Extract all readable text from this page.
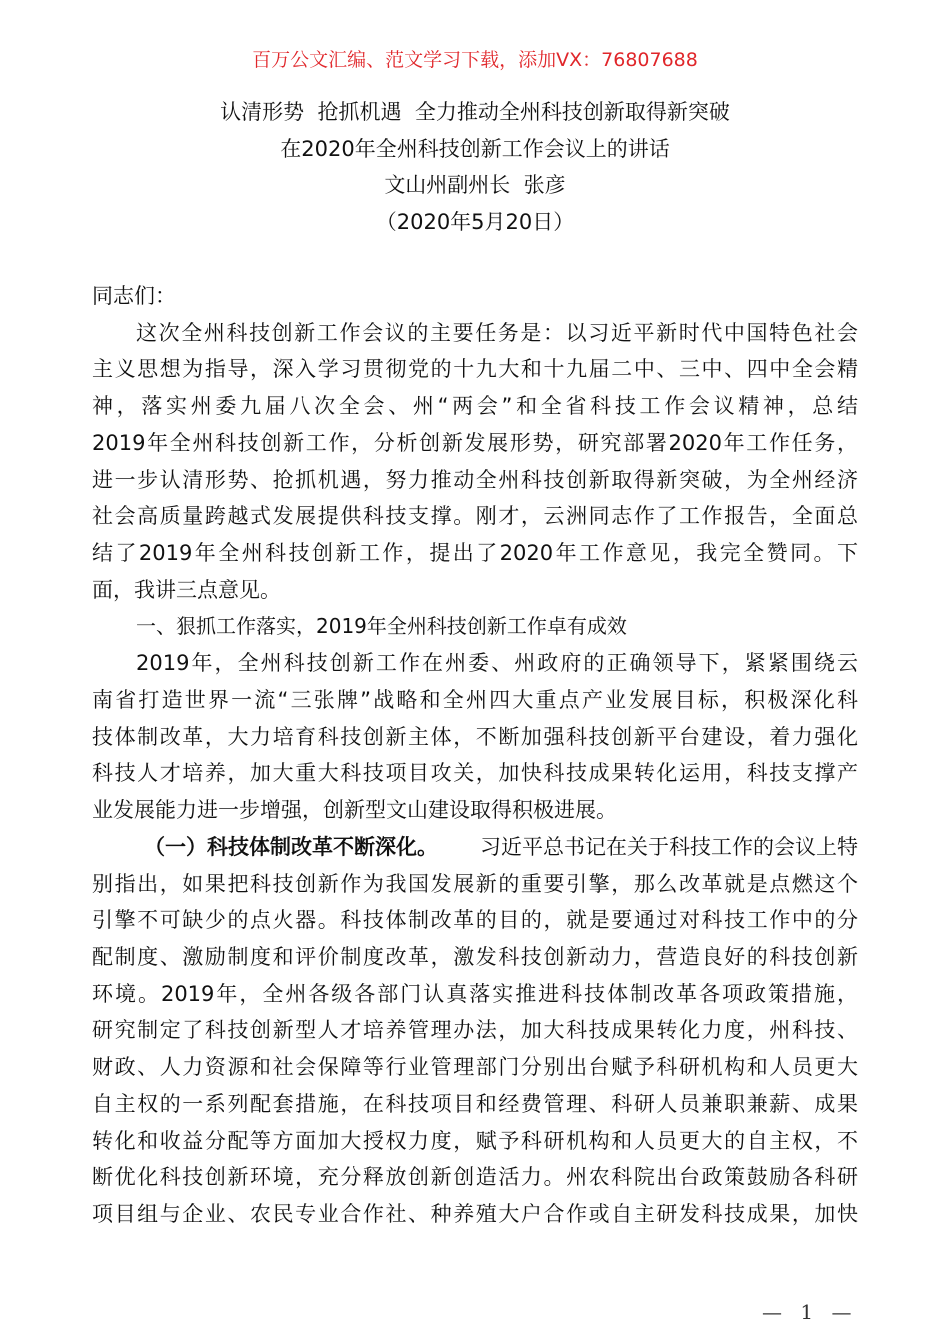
百万公文汇编、范文学习下载，添加VX：76807688
认清形势  抢抓机遇  全力推动全州科技创新取得新突破
在2020年全州科技创新工作会议上的讲话
文山州副州长  张彦
（2020年5月20日）
同志们：
这次全州科技创新工作会议的主要任务是：以习近平新时代中国特色社会
主义思想为指导，深入学习贯彻党的十九大和十九届二中、三中、四中全会精
神，落实州委九届八次全会、州“两会”和全省科技工作会议精神，总结
2019年全州科技创新工作，分析创新发展形势，研究部署2020年工作任务，
进一步认清形势、抢抓机遇，努力推动全州科技创新取得新突破，为全州经济
社会高质量跨越式发展提供科技支撑。刚才，云洲同志作了工作报告，全面总
结了2019年全州科技创新工作，提出了2020年工作意见，我完全赞同。下
面，我讲三点意见。
一、狠抓工作落实，2019年全州科技创新工作卓有成效
2019年，全州科技创新工作在州委、州政府的正确领导下，紧紧围绕云
南省打造世界一流“三张牌”战略和全州四大重点产业发展目标，积极深化科
技体制改革，大力培育科技创新主体，不断加强科技创新平台建设，着力强化
科技人才培养，加大重大科技项目攻关，加快科技成果转化运用，科技支撑产
业发展能力进一步增强，创新型文山建设取得积极进展。
（一）科技体制改革不断深化。 习近平总书记在关于科技工作的会议上特
别指出，如果把科技创新作为我国发展新的重要引擎，那么改革就是点燃这个
引擎不可缺少的点火器。科技体制改革的目的，就是要通过对科技工作中的分
配制度、激励制度和评价制度改革，激发科技创新动力，营造良好的科技创新
环境。2019年，全州各级各部门认真落实推进科技体制改革各项政策措施，
研究制定了科技创新型人才培养管理办法，加大科技成果转化力度，州科技、
财政、人力资源和社会保障等行业管理部门分别出台赋予科研机构和人员更大
自主权的一系列配套措施，在科技项目和经费管理、科研人员兼职兼薪、成果
转化和收益分配等方面加大授权力度，赋予科研机构和人员更大的自主权，不
断优化科技创新环境，充分释放创新创造活力。州农科院出台政策鼓励各科研
项目组与企业、农民专业合作社、种养殖大户合作或自主研发科技成果，加快
— 1 —
